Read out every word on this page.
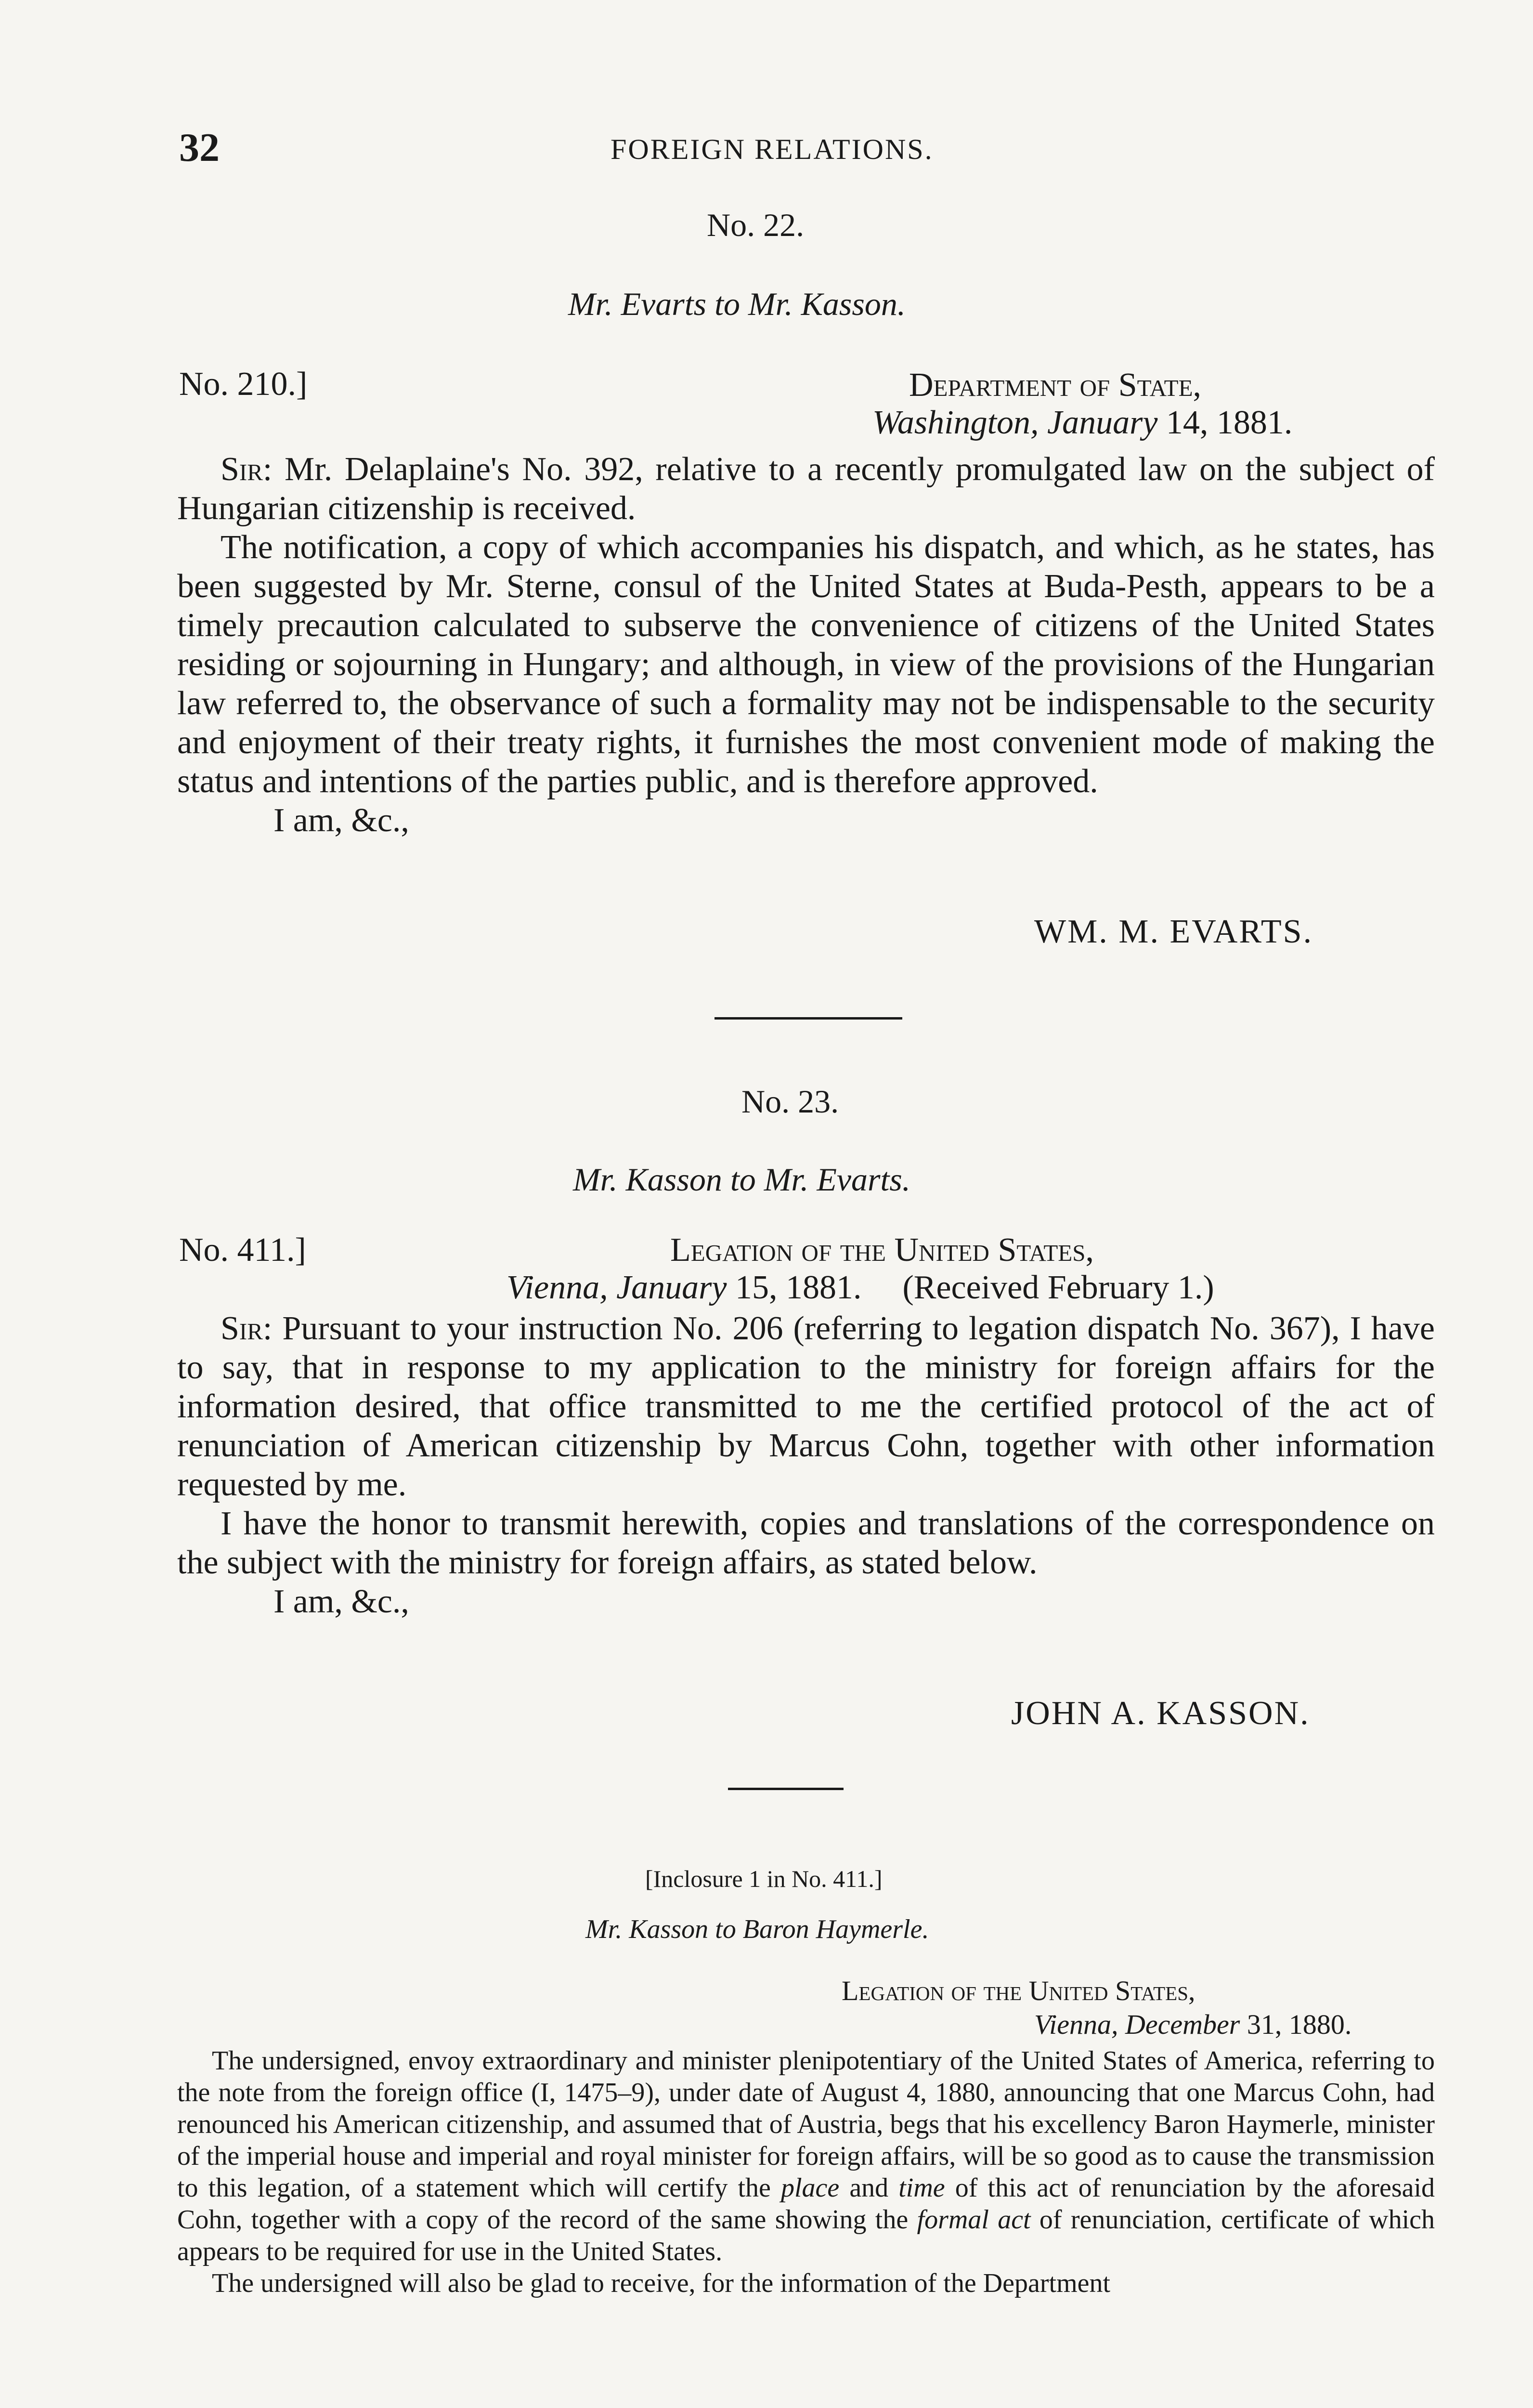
32	FOREIGN RELATIONS.
No. 22.
Mr. Evarts to Mr. Kasson.
No. 210.]	Department of State,
Washington, January 14, 1881.

Sir: Mr. Delaplaine's No. 392, relative to a recently promulgated law on the subject of Hungarian citizenship is received.

The notification, a copy of which accompanies his dispatch, and which, as he states, has been suggested by Mr. Sterne, consul of the United States at Buda-Pesth, appears to be a timely precaution calculated to subserve the convenience of citizens of the United States residing or sojourning in Hungary; and although, in view of the provisions of the Hungarian law referred to, the observance of such a formality may not be indispensable to the security and enjoyment of their treaty rights, it furnishes the most convenient mode of making the status and intentions of the parties public, and is therefore approved.

I am, &c.,

WM. M. EVARTS.
No. 23.
Mr. Kasson to Mr. Evarts.
No. 411.]	Legation of the United States,
Vienna, January 15, 1881. (Received February 1.)

Sir: Pursuant to your instruction No. 206 (referring to legation dispatch No. 367), I have to say, that in response to my application to the ministry for foreign affairs for the information desired, that office transmitted to me the certified protocol of the act of renunciation of American citizenship by Marcus Cohn, together with other information requested by me.

I have the honor to transmit herewith, copies and translations of the correspondence on the subject with the ministry for foreign affairs, as stated below.

I am, &c.,

JOHN A. KASSON.
[Inclosure 1 in No. 411.]
Mr. Kasson to Baron Haymerle.
Legation of the United States,
Vienna, December 31, 1880.

The undersigned, envoy extraordinary and minister plenipotentiary of the United States of America, referring to the note from the foreign office (I, 1475–9), under date of August 4, 1880, announcing that one Marcus Cohn, had renounced his American citizenship, and assumed that of Austria, begs that his excellency Baron Haymerle, minister of the imperial house and imperial and royal minister for foreign affairs, will be so good as to cause the transmission to this legation, of a statement which will certify the place and time of this act of renunciation by the aforesaid Cohn, together with a copy of the record of the same showing the formal act of renunciation, certificate of which appears to be required for use in the United States.

The undersigned will also be glad to receive, for the information of the Department
